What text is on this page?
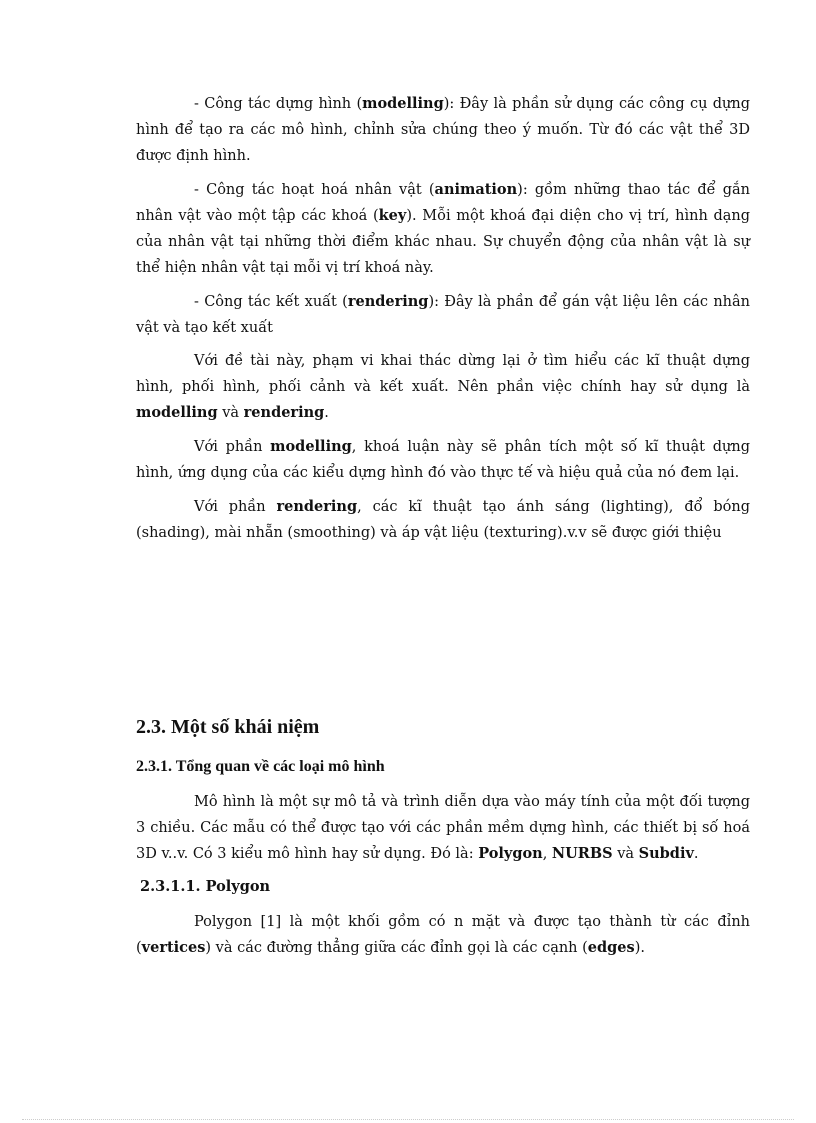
- Công tác dựng hình (modelling): Đây là phần sử dụng các công cụ dựng hình để tạo ra các mô hình, chỉnh sửa chúng theo ý muốn. Từ đó các vật thể 3D được định hình.

- Công tác hoạt hoá nhân vật (animation): gồm những thao tác để gắn nhân vật vào một tập các khoá (key). Mỗi một khoá đại diện cho vị trí, hình dạng của nhân vật tại những thời điểm khác nhau. Sự chuyển động của nhân vật là sự thể hiện nhân vật tại mỗi vị trí khoá này.

- Công tác kết xuất (rendering): Đây là phần để gán vật liệu lên các nhân vật và tạo kết xuất

Với đề tài này, phạm vi khai thác dừng lại ở tìm hiểu các kĩ thuật dựng hình, phối hình, phối cảnh và kết xuất. Nên phần việc chính hay sử dụng là modelling và rendering.

Với phần modelling, khoá luận này sẽ phân tích một số kĩ thuật dựng hình, ứng dụng của các kiểu dựng hình đó vào thực tế và hiệu quả của nó đem lại.

Với phần rendering, các kĩ thuật tạo ánh sáng (lighting), đổ bóng (shading), mài nhẵn (smoothing) và áp vật liệu (texturing).v.v sẽ được giới thiệu

2.3. Một số khái niệm
2.3.1. Tổng quan về các loại mô hình

Mô hình là một sự mô tả và trình diễn dựa vào máy tính của một đối tượng 3 chiều. Các mẫu có thể được tạo với các phần mềm dựng hình, các thiết bị số hoá 3D v..v. Có 3 kiểu mô hình hay sử dụng. Đó là: Polygon, NURBS và Subdiv.

2.3.1.1. Polygon

Polygon [1] là một khối gồm có n mặt và được tạo thành từ các đỉnh (vertices) và các đường thẳng giữa các đỉnh gọi là các cạnh (edges).
